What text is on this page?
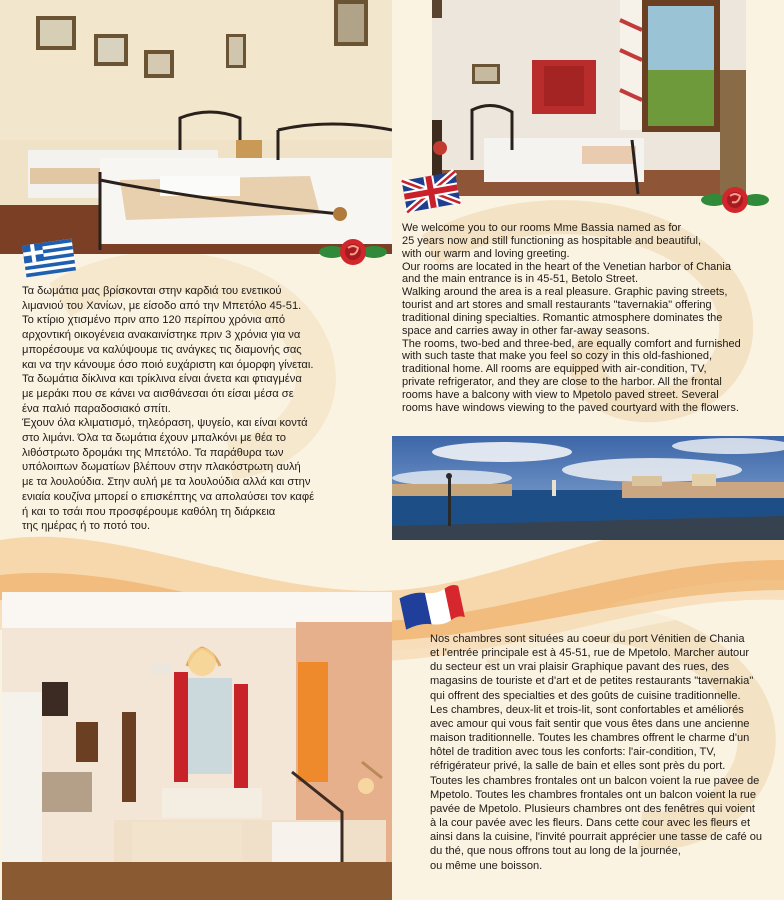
Τα δωμάτια μας βρίσκονται στην καρδιά του ενετικού
λιμανιού του Χανίων, με είσοδο από την Μπετόλο 45-51.
Το κτίριο χτισμένο πριν απο 120 περίπου χρόνια από
αρχοντική οικογένεια ανακαινίστηκε πριν 3 χρόνια για να
μπορέσουμε να καλύψουμε τις ανάγκες τις διαμονής σας
και να την κάνουμε όσο ποιό ευχάριστη και όμορφη γίνεται.
Τα δωμάτια δίκλινα και τρίκλινα είναι άνετα και φτιαγμένα
με μεράκι που σε κάνει να αισθάνεσαι ότι είσαι μέσα σε
ένα παλιό παραδοσιακό σπίτι.
Έχουν όλα κλιματισμό, τηλεόραση, ψυγείο, και είναι κοντά
στο λιμάνι. Όλα τα δωμάτια έχουν μπαλκόνι με θέα το
λιθόστρωτο δρομάκι της Μπετόλο. Τα παράθυρα των
υπόλοιπων δωματίων βλέπουν στην πλακόστρωτη αυλή
με τα λουλούδια. Στην αυλή με τα λουλούδια αλλά και στην
ενιαία κουζίνα μπορεί ο επισκέπτης να απολαύσει τον καφέ
ή και το τσάι που προσφέρουμε καθόλη τη διάρκεια
της ημέρας ή το ποτό του.

We welcome you to our rooms Mme Bassia named as for
25 years now and still functioning as hospitable and beautiful,
with our warm and loving greeting.
Our rooms are located in the heart of the Venetian harbor of Chania
and the main entrance is in 45-51, Betolo Street.
Walking around the area is a real pleasure. Graphic paving streets,
tourist and art stores and small restaurants "tavernakia" offering
traditional dining specialties. Romantic atmosphere dominates the
space and carries away in other far-away seasons.
The rooms, two-bed and three-bed, are equally comfort and furnished
with such taste that make you feel so cozy in this old-fashioned,
traditional home. All rooms are equipped with air-condition, TV,
private refrigerator, and they are close to the harbor. All the frontal
rooms have a balcony with view to Mpetolo paved street. Several
rooms have windows viewing to the paved courtyard with the flowers.

Nos chambres sont situées au coeur du port Vénitien de Chania
et l'entrée principale est à 45-51, rue de Mpetolo. Marcher autour
du secteur est un vrai plaisir Graphique pavant des rues, des
magasins de touriste et d'art et de petites restaurants "tavernakia"
qui offrent des specialties et des goûts de cuisine traditionnelle.
Les chambres, deux-lit et trois-lit, sont confortables et améliorés
avec amour qui vous fait sentir que vous êtes dans une ancienne
maison traditionnelle. Toutes les chambres offrent le charme d'un
hôtel de tradition avec tous les conforts: l'air-condition, TV,
réfrigérateur privé, la salle de bain et elles sont près du port.
Toutes les chambres frontales ont un balcon voient la rue pavee de
Mpetolo. Toutes les chambres frontales ont un balcon voient la rue
pavée de Mpetolo. Plusieurs chambres ont des fenêtres qui voient
à la cour pavée avec les fleurs. Dans cette cour avec les fleurs et
ainsi dans la cuisine, l'invité pourrait apprécier une tasse de café ou
du thé, que nous offrons tout au long de la journée,
ou même une boisson.
